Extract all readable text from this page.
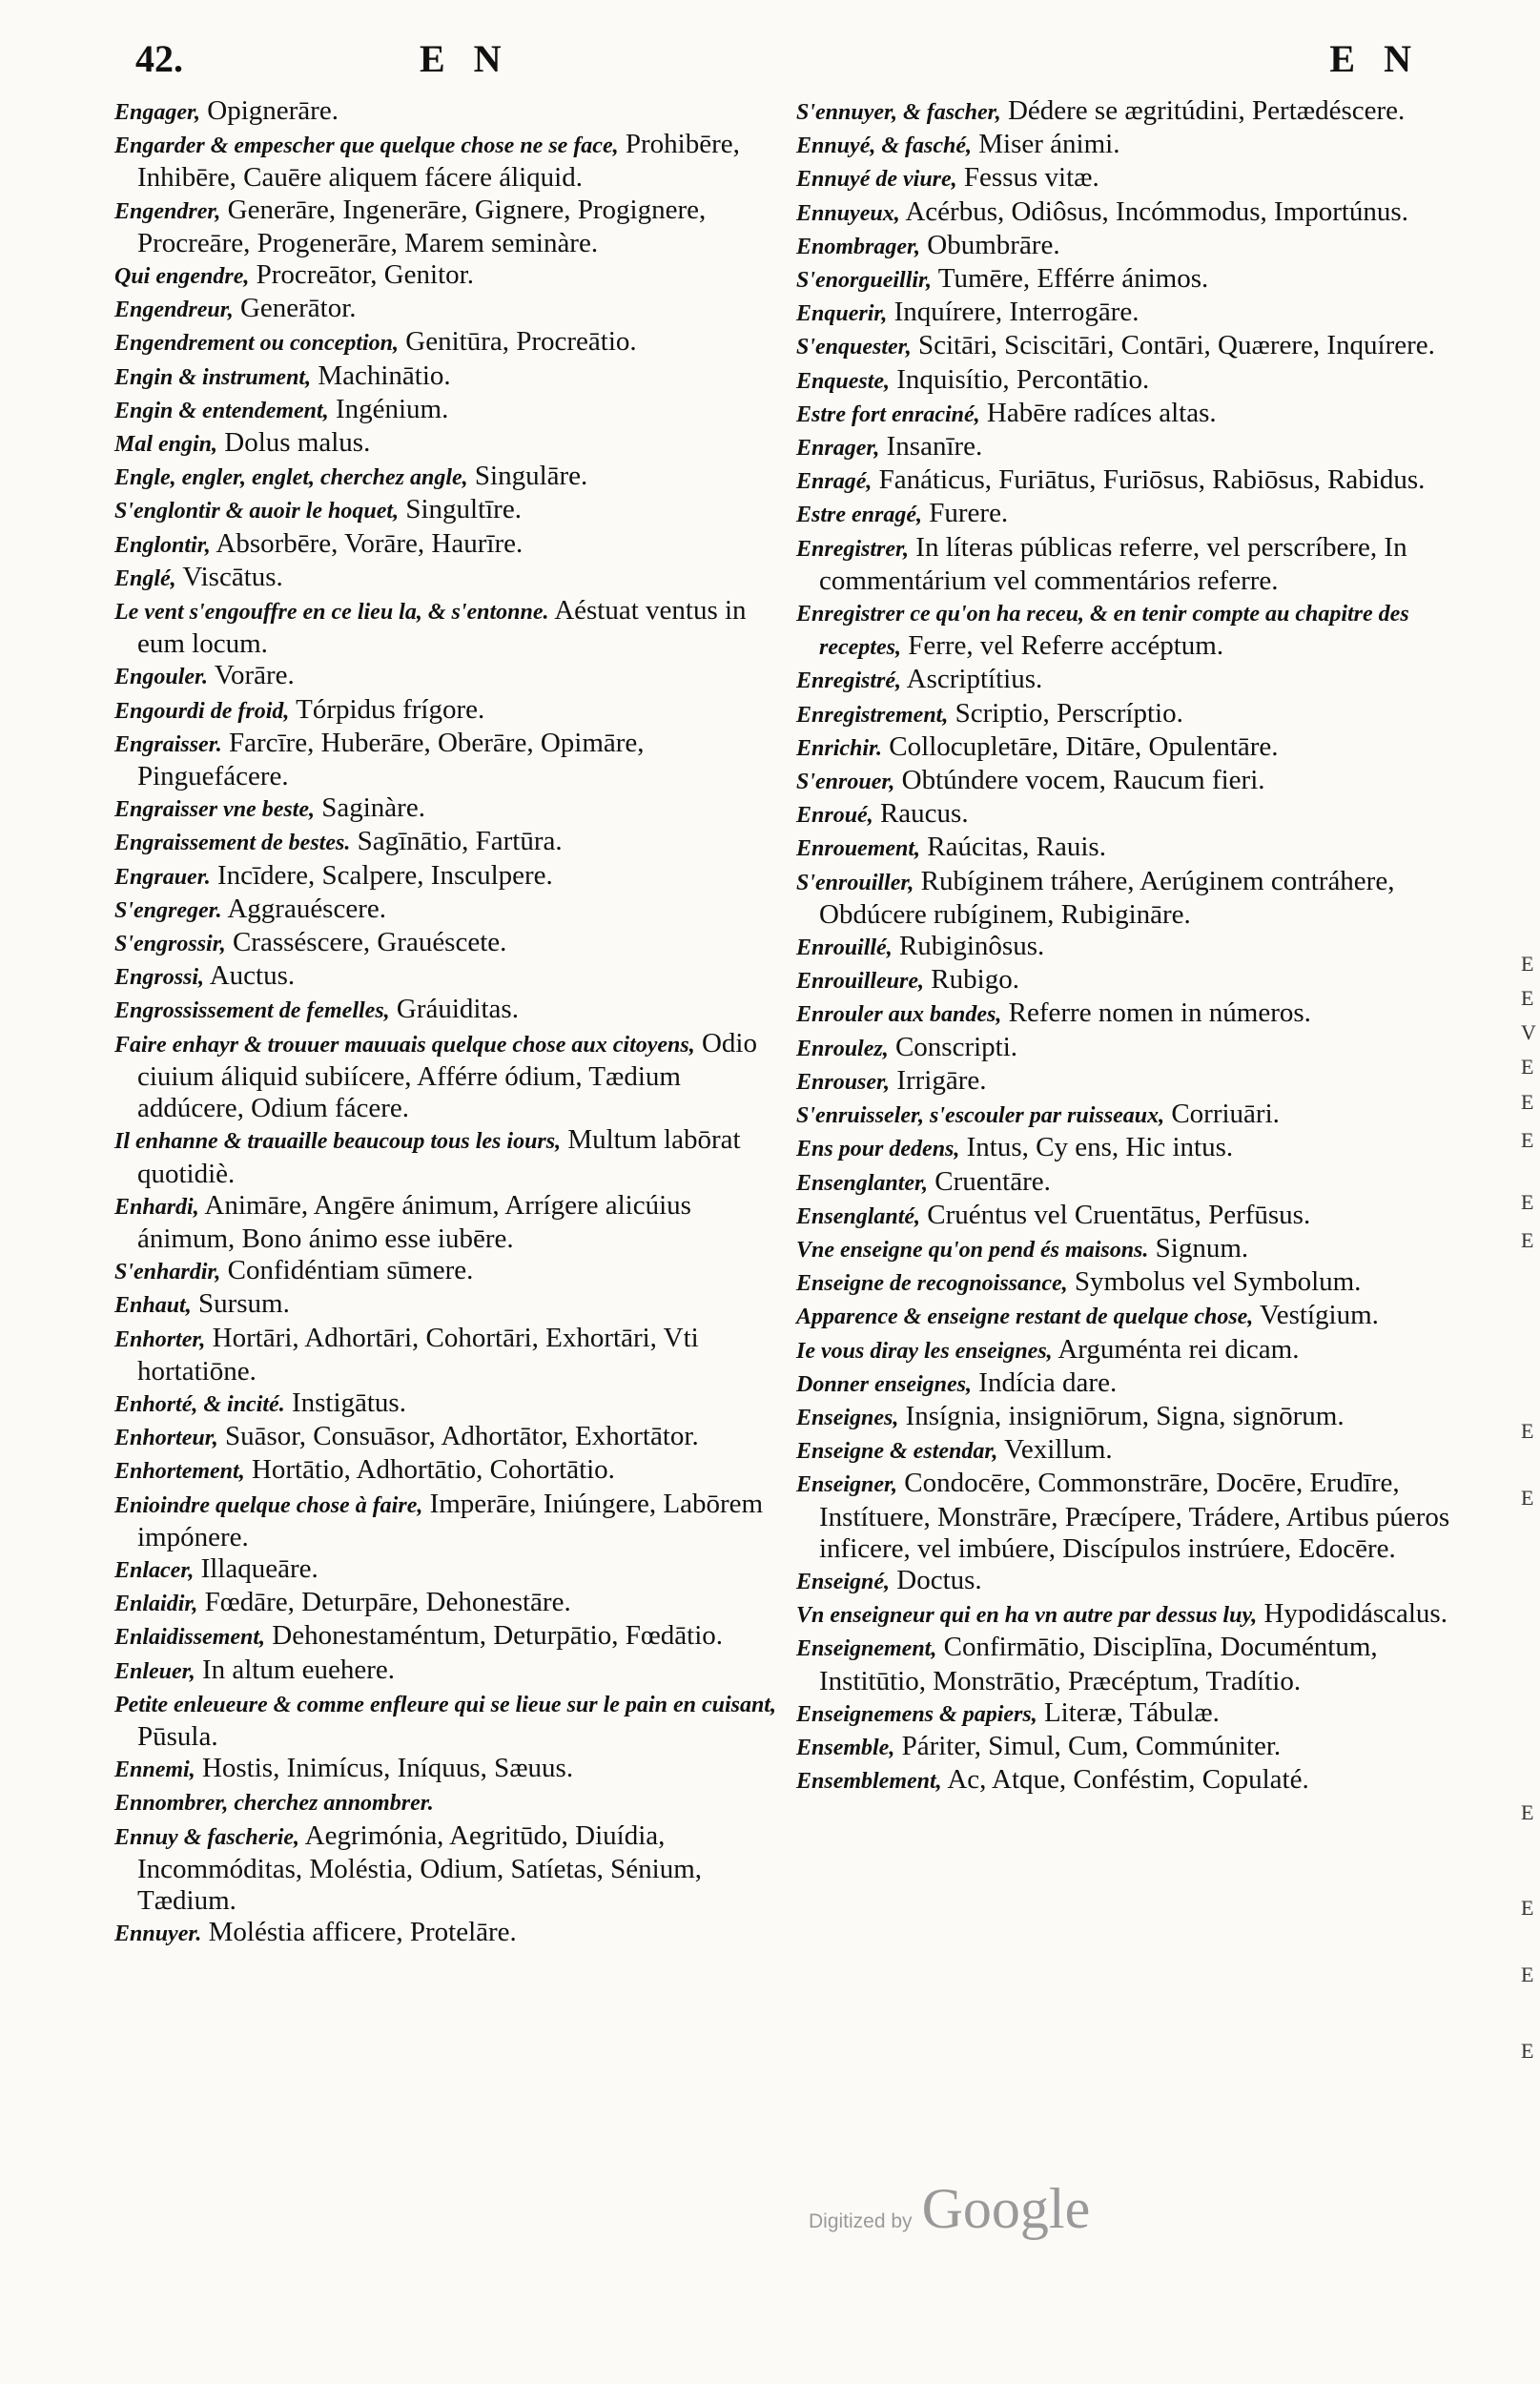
42.	E N	E N

Engager, Opignerāre.

Engarder & empescher que quelque chose ne se face, Prohibēre, Inhibēre, Cauēre aliquem fácere áliquid.

Engendrer, Generāre, Ingenerāre, Gignere, Progignere, Procreāre, Progenerāre, Marem seminàre.

Qui engendre, Procreātor, Genitor.

Engendreur, Generātor.

Engendrement ou conception, Genitūra, Procreātio.

Engin & instrument, Machinātio.

Engin & entendement, Ingénium.

Mal engin, Dolus malus.

Engle, engler, englet, cherchez angle, Singulāre.

S'englontir & auoir le hoquet, Singultīre.

Englontir, Absorbēre, Vorāre, Haurīre.

Englé, Viscātus.

Le vent s'engouffre en ce lieu la, & s'entonne. Aéstuat ventus in eum locum.

Engouler. Vorāre.

Engourdi de froid, Tórpidus frígore.

Engraisser. Farcīre, Huberāre, Oberāre, Opimāre, Pinguefácere.

Engraisser vne beste, Saginàre.

Engraissement de bestes. Sagīnātio, Fartūra.

Engrauer. Incīdere, Scalpere, Insculpere.

S'engreger. Aggrauéscere.

S'engrossir, Crasséscere, Grauéscete.

Engrossi, Auctus.

Engrossissement de femelles, Gráuiditas.

Faire enhayr & trouuer mauuais quelque chose aux citoyens, Odio ciuium áliquid subiícere, Afférre ódium, Tædium addúcere, Odium fácere.

Il enhanne & trauaille beaucoup tous les iours, Multum labōrat quotidiè.

Enhardi, Animāre, Angēre ánimum, Arrígere alicúius ánimum, Bono ánimo esse iubēre.

S'enhardir, Confidéntiam sūmere.

Enhaut, Sursum.

Enhorter, Hortāri, Adhortāri, Cohortāri, Exhortāri, Vti hortatiōne.

Enhorté, & incité. Instigātus.

Enhorteur, Suāsor, Consuāsor, Adhortātor, Exhortātor.

Enhortement, Hortātio, Adhortātio, Cohortātio.

Enioindre quelque chose à faire, Imperāre, Iniúngere, Labōrem impónere.

Enlacer, Illaqueāre.

Enlaidir, Fœdāre, Deturpāre, Dehonestāre.

Enlaidissement, Dehonestaméntum, Deturpātio, Fœdātio.

Enleuer, In altum euehere.

Petite enleueure & comme enfleure qui se lieue sur le pain en cuisant, Pūsula.

Ennemi, Hostis, Inimícus, Iníquus, Sæuus.

Ennombrer, cherchez annombrer.

Ennuy & fascherie, Aegrimónia, Aegritūdo, Diuídia, Incommóditas, Moléstia, Odium, Satíetas, Sénium, Tædium.

Ennuyer. Moléstia afficere, Protelāre.

S'ennuyer, & fascher, Dédere se ægritúdini, Pertædéscere.

Ennuyé, & fasché, Miser ánimi.

Ennuyé de viure, Fessus vitæ.

Ennuyeux, Acérbus, Odiôsus, Incómmodus, Importúnus.

Enombrager, Obumbrāre.

S'enorgueillir, Tumēre, Efférre ánimos.

Enquerir, Inquírere, Interrogāre.

S'enquester, Scitāri, Sciscitāri, Contāri, Quærere, Inquírere.

Enqueste, Inquisítio, Percontātio.

Estre fort enraciné, Habēre radíces altas.

Enrager, Insanīre.

Enragé, Fanáticus, Furiātus, Furiōsus, Rabiōsus, Rabidus.

Estre enragé, Furere.

Enregistrer, In líteras públicas referre, vel perscríbere, In commentárium vel commentários referre.

Enregistrer ce qu'on ha receu, & en tenir compte au chapitre des receptes, Ferre, vel Referre accéptum.

Enregistré, Ascriptítius.

Enregistrement, Scriptio, Perscríptio.

Enrichir. Collocupletāre, Ditāre, Opulentāre.

S'enrouer, Obtúndere vocem, Raucum fieri.

Enroué, Raucus.

Enrouement, Raúcitas, Rauis.

S'enrouiller, Rubíginem tráhere, Aerúginem contráhere, Obdúcere rubíginem, Rubigināre.

Enrouillé, Rubiginôsus.

Enrouilleure, Rubigo.

Enrouler aux bandes, Referre nomen in números.

Enroulez, Conscripti.

Enrouser, Irrigāre.

S'enruisseler, s'escouler par ruisseaux, Corriuāri.

Ens pour dedens, Intus, Cy ens, Hic intus.

Ensenglanter, Cruentāre.

Ensenglanté, Cruéntus vel Cruentātus, Perfūsus.

Vne enseigne qu'on pend és maisons. Signum.

Enseigne de recognoissance, Symbolus vel Symbolum.

Apparence & enseigne restant de quelque chose, Vestígium.

Ie vous diray les enseignes, Arguménta rei dicam.

Donner enseignes, Indícia dare.

Enseignes, Insígnia, insigniōrum, Signa, signōrum.

Enseigne & estendar, Vexillum.

Enseigner, Condocēre, Commonstrāre, Docēre, Erudīre, Instítuere, Monstrāre, Præcípere, Trádere, Artibus púeros inficere, vel imbúere, Discípulos instrúere, Edocēre.

Enseigné, Doctus.

Vn enseigneur qui en ha vn autre par dessus luy, Hypodidáscalus.

Enseignement, Confirmātio, Disciplīna, Documéntum, Institūtio, Monstrātio, Præcéptum, Tradítio.

Enseignemens & papiers, Literæ, Tábulæ.

Ensemble, Páriter, Simul, Cum, Commúniter.

Ensemblement, Ac, Atque, Conféstim, Copulaté.

E
E
V
E
E
E
E
E
E
E
E
E
E
E
Digitized by Google
